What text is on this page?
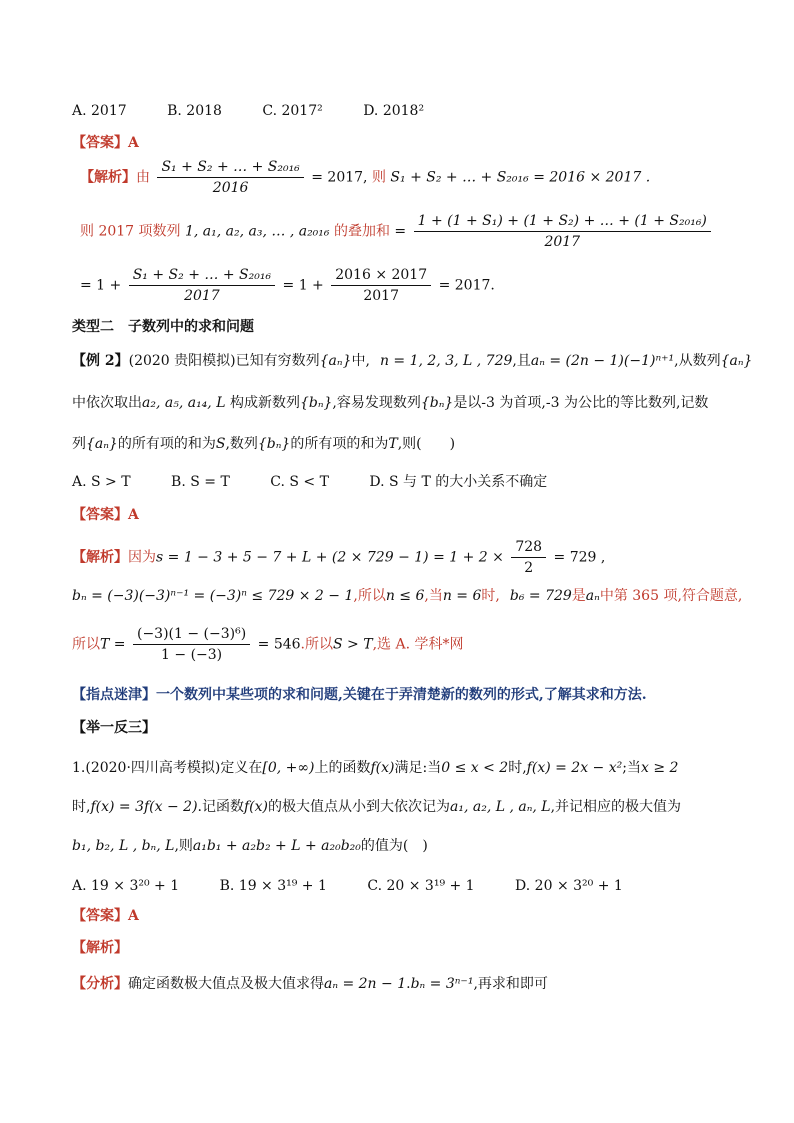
A. 2017	B. 2018	C. 2017²	D. 2018²
【答案】A
【解析】由 $\frac{\text{S₁ + S₂ + … + S₂₀₁₆}}{2016} = 2017$, 则 S₁ + S₂ + … + S₂₀₁₆ = 2016 × 2017 .
则 2017 项数列 1, a₁, a₂, a₃, … , a₂₀₁₆ 的叠加和 = $\frac{\text{1 + (1 + S₁) + (1 + S₂) + … + (1 + S₂₀₁₆)}}{2017}$
= $1 + \frac{\text{S₁ + S₂ + … + S₂₀₁₆}}{2017} = 1 + \frac{2016 \times 2017}{2017} = 2017$.
类型二　子数列中的求和问题
【例 2】(2020 贵阳模拟)已知有穷数列{aₙ}中, n = 1, 2, 3, L , 729,且aₙ = (2n − 1)(−1)ⁿ⁺¹,从数列{aₙ}
中依次取出a₂, a₅, a₁₄, L 构成新数列{bₙ},容易发现数列{bₙ}是以-3 为首项,-3 为公比的等比数列,记数
列{aₙ}的所有项的和为S,数列{bₙ}的所有项的和为T,则(　　)
A. S > T	B. S = T	C. S < T	D. S 与 T 的大小关系不确定
【答案】A
【解析】因为$s = 1 - 3 + 5 - 7 + L + (2 \times 729 - 1) = 1 + 2 \times \frac{728}{2} = 729$ ,
bₙ = (−3)(−3)ⁿ⁻¹ = (−3)ⁿ ≤ 729 × 2 − 1,所以n ≤ 6,当n = 6时, b₆ = 729是aₙ中第 365 项,符合题意,
所以$T = \frac{\text{(−3)(1 − (−3)⁶)}}{1 - (-3)} = 546$.所以S > T,选 A. 学科*网
【指点迷津】一个数列中某些项的求和问题,关键在于弄清楚新的数列的形式,了解其求和方法.
【举一反三】
1.(2020·四川高考模拟)定义在[0, +∞)上的函数f(x)满足:当0 ≤ x < 2时,f(x) = 2x − x²;当x ≥ 2
时,f(x) = 3f(x − 2).记函数f(x)的极大值点从小到大依次记为a₁, a₂, L , aₙ, L,并记相应的极大值为
b₁, b₂, L , bₙ, L,则a₁b₁ + a₂b₂ + L + a₂₀b₂₀的值为(　)
A. 19 × 3²⁰ + 1	B. 19 × 3¹⁹ + 1	C. 20 × 3¹⁹ + 1	D. 20 × 3²⁰ + 1
【答案】A
【解析】
【分析】确定函数极大值点及极大值求得aₙ = 2n − 1.bₙ = 3ⁿ⁻¹,再求和即可
